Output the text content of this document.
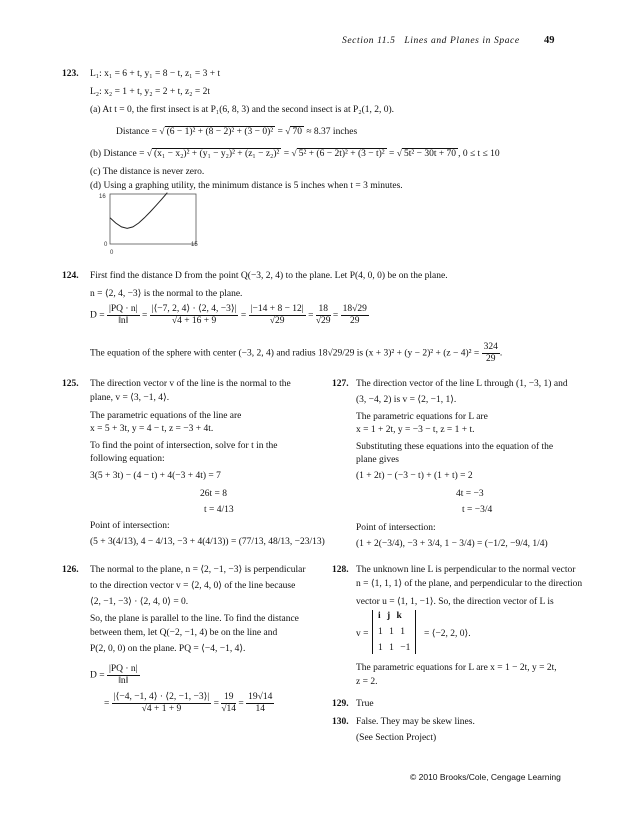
Section 11.5 Lines and Planes in Space 49
123. L₁: x₁ = 6 + t, y₁ = 8 − t, z₁ = 3 + t
L₂: x₂ = 1 + t, y₂ = 2 + t, z₂ = 2t
(a) At t = 0, the first insect is at P₁(6, 8, 3) and the second insect is at P₂(1, 2, 0).
Distance = √ (6 − 1)² + (8 − 2)² + (3 − 0)² = √ 70 ≈ 8.37 inches
(b) Distance = √ (x₁ − x₂)² + (y₁ − y₂)² + (z₁ − z₂)² = √ 5² + (6 − 2t)² + (3 − t)² = √ 5t² − 30t + 70 , 0 ≤ t ≤ 10
(c) The distance is never zero.
(d) Using a graphing utility, the minimum distance is 5 inches when t = 3 minutes.
16
0
0
15
124. First find the distance D from the point Q(−3, 2, 4) to the plane. Let P(4, 0, 0) be on the plane.
n = ⟨2, 4, −3⟩ is the normal to the plane.
$D = \frac{|PQ \cdot n|}{‖n‖} = \frac{|⟨-7, 2, 4⟩ \cdot ⟨2, 4, -3⟩|}{√4 + 16 + 9} = \frac{|-14 + 8 - 12|}{√29} = \frac{18}{√29} = \frac{18√29}{29}$
The equation of the sphere with center (−3, 2, 4) and radius 18√29/29 is $(x + 3)^2 + (y - 2)^2 + (z - 4)^2 = \frac{324}{29}$ .
125. The direction vector v of the line is the normal to the
plane, v = ⟨3, −1, 4⟩.
The parametric equations of the line are
x = 5 + 3t, y = 4 − t, z = −3 + 4t.
To find the point of intersection, solve for t in the
following equation:
3(5 + 3t) − (4 − t) + 4(−3 + 4t) = 7
26t = 8
t = 4/13
Point of intersection:
(5 + 3(4/13), 4 − 4/13, −3 + 4(4/13)) = (77/13, 48/13, −23/13)
126. The normal to the plane, n = ⟨2, −1, −3⟩ is perpendicular
to the direction vector v = ⟨2, 4, 0⟩ of the line because
⟨2, −1, −3⟩ · ⟨2, 4, 0⟩ = 0.
So, the plane is parallel to the line. To find the distance
between them, let Q(−2, −1, 4) be on the line and
P(2, 0, 0) on the plane. PQ = ⟨−4, −1, 4⟩.
$D = \frac{|PQ \cdot n|}{‖n‖}$
= $\frac{|⟨-4, -1, 4⟩ \cdot ⟨2, -1, -3⟩|}{√4 + 1 + 9} = \frac{19}{√14} = \frac{19√14}{14}$
127. The direction vector of the line L through (1, −3, 1) and
(3, −4, 2) is v = ⟨2, −1, 1⟩.
The parametric equations for L are
x = 1 + 2t, y = −3 − t, z = 1 + t.
Substituting these equations into the equation of the
plane gives
(1 + 2t) − (−3 − t) + (1 + t) = 2
4t = −3
t = −3/4
Point of intersection:
(1 + 2(−3/4), −3 + 3/4, 1 − 3/4) = (−1/2, −9/4, 1/4)
128. The unknown line L is perpendicular to the normal vector
n = ⟨1, 1, 1⟩ of the plane, and perpendicular to the direction
vector u = ⟨1, 1, −1⟩. So, the direction vector of L is
v =
i j k
1 1 1
1 1 −1
= ⟨−2, 2, 0⟩.
The parametric equations for L are x = 1 − 2t, y = 2t,
z = 2.
129. True
130. False. They may be skew lines.
(See Section Project)
© 2010 Brooks/Cole, Cengage Learning
